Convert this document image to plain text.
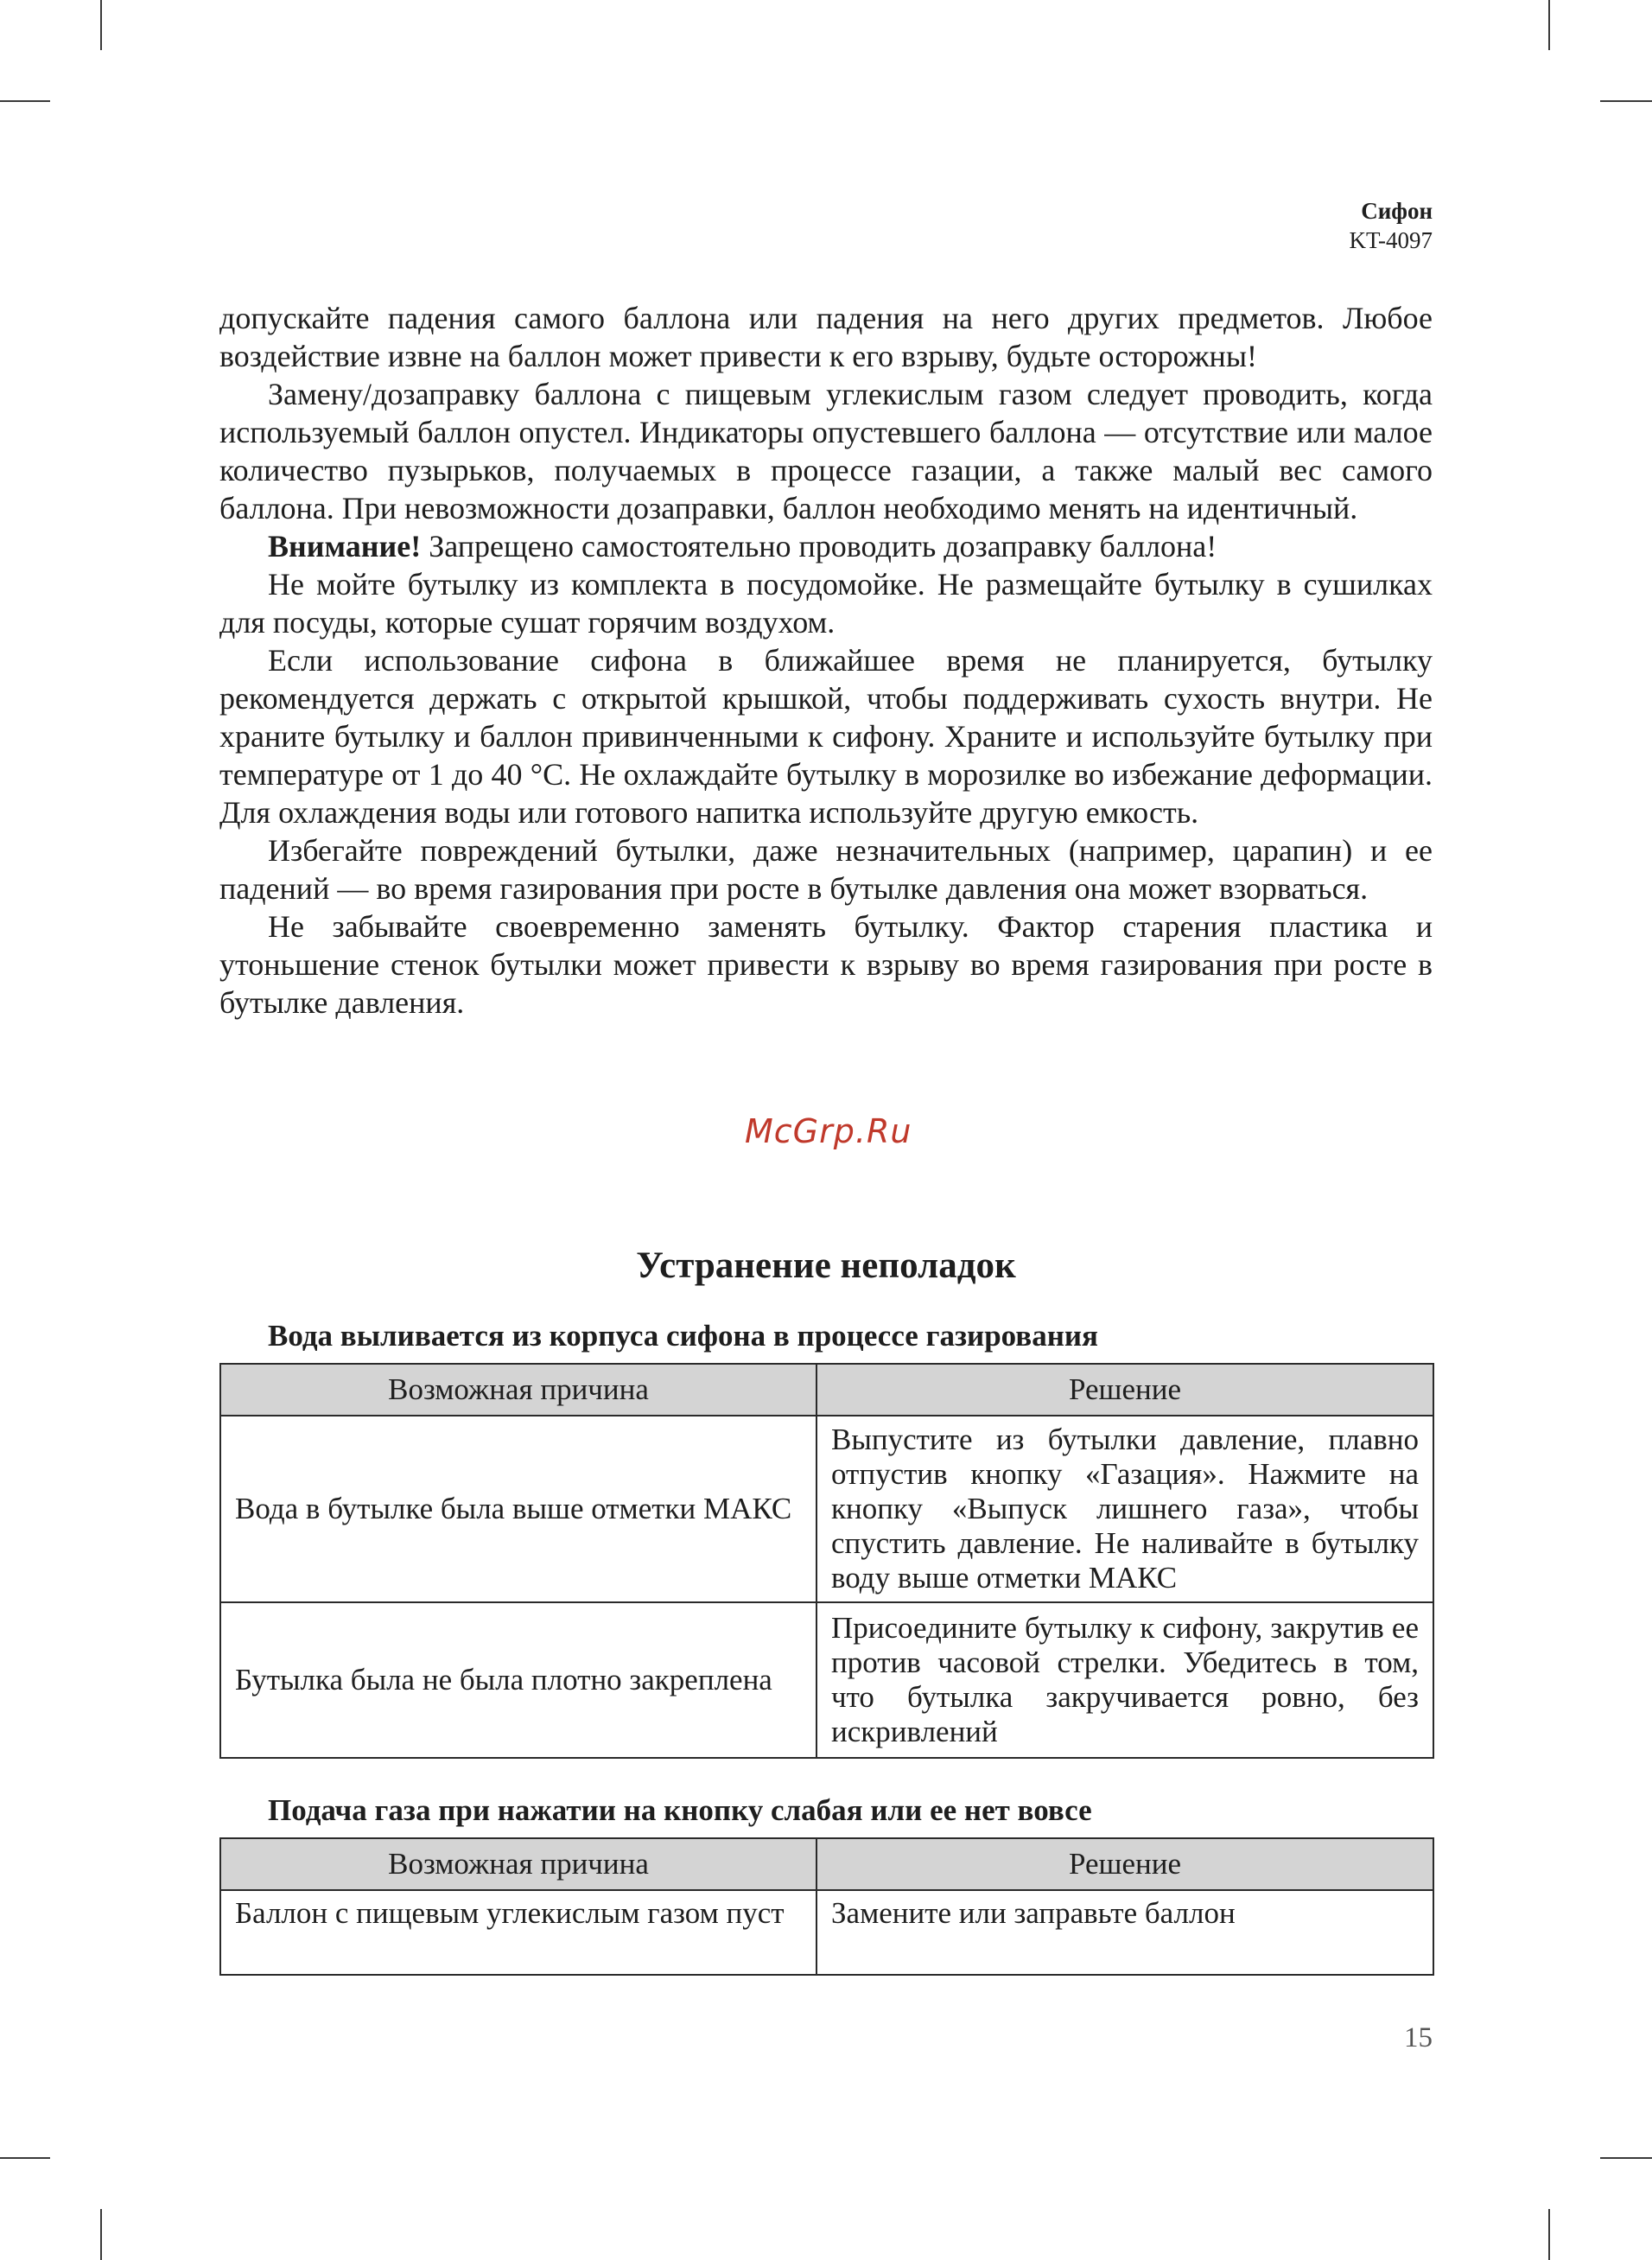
Сифон
KT-4097

допускайте падения самого баллона или падения на него других предметов. Любое воздействие извне на баллон может привести к его взрыву, будьте осторожны!

Замену/дозаправку баллона с пищевым углекислым газом следует проводить, когда используемый баллон опустел. Индикаторы опустевшего баллона — отсутствие или малое количество пузырьков, получаемых в процессе газации, а также малый вес самого баллона. При невозможности дозаправки, баллон необходимо менять на идентичный.

Внимание! Запрещено самостоятельно проводить дозаправку баллона!

Не мойте бутылку из комплекта в посудомойке. Не размещайте бутылку в сушилках для посуды, которые сушат горячим воздухом.

Если использование сифона в ближайшее время не планируется, бутылку рекомендуется держать с открытой крышкой, чтобы поддерживать сухость внутри. Не храните бутылку и баллон привинченными к сифону. Храните и используйте бутылку при температуре от 1 до 40 °С. Не охлаждайте бутылку в морозилке во избежание деформации. Для охлаждения воды или готового напитка используйте другую емкость.

Избегайте повреждений бутылки, даже незначительных (например, царапин) и ее падений — во время газирования при росте в бутылке давления она может взорваться.

Не забывайте своевременно заменять бутылку. Фактор старения пластика и утоньшение стенок бутылки может привести к взрыву во время газирования при росте в бутылке давления.

McGrp.Ru
Устранение неполадок
Вода выливается из корпуса сифона в процессе газирования
Возможная причина	Решение
Вода в бутылке была выше отметки МАКС	Выпустите из бутылки давление, плавно отпустив кнопку «Газация». Нажмите на кнопку «Выпуск лишнего газа», чтобы спустить давление. Не наливайте в бутылку воду выше отметки МАКС
Бутылка была не была плотно закреплена	Присоедините бутылку к сифону, закрутив ее против часовой стрелки. Убедитесь в том, что бутылка закручивается ровно, без искривлений
Подача газа при нажатии на кнопку слабая или ее нет вовсе
Возможная причина	Решение
Баллон с пищевым углекислым газом пуст	Замените или заправьте баллон
15
